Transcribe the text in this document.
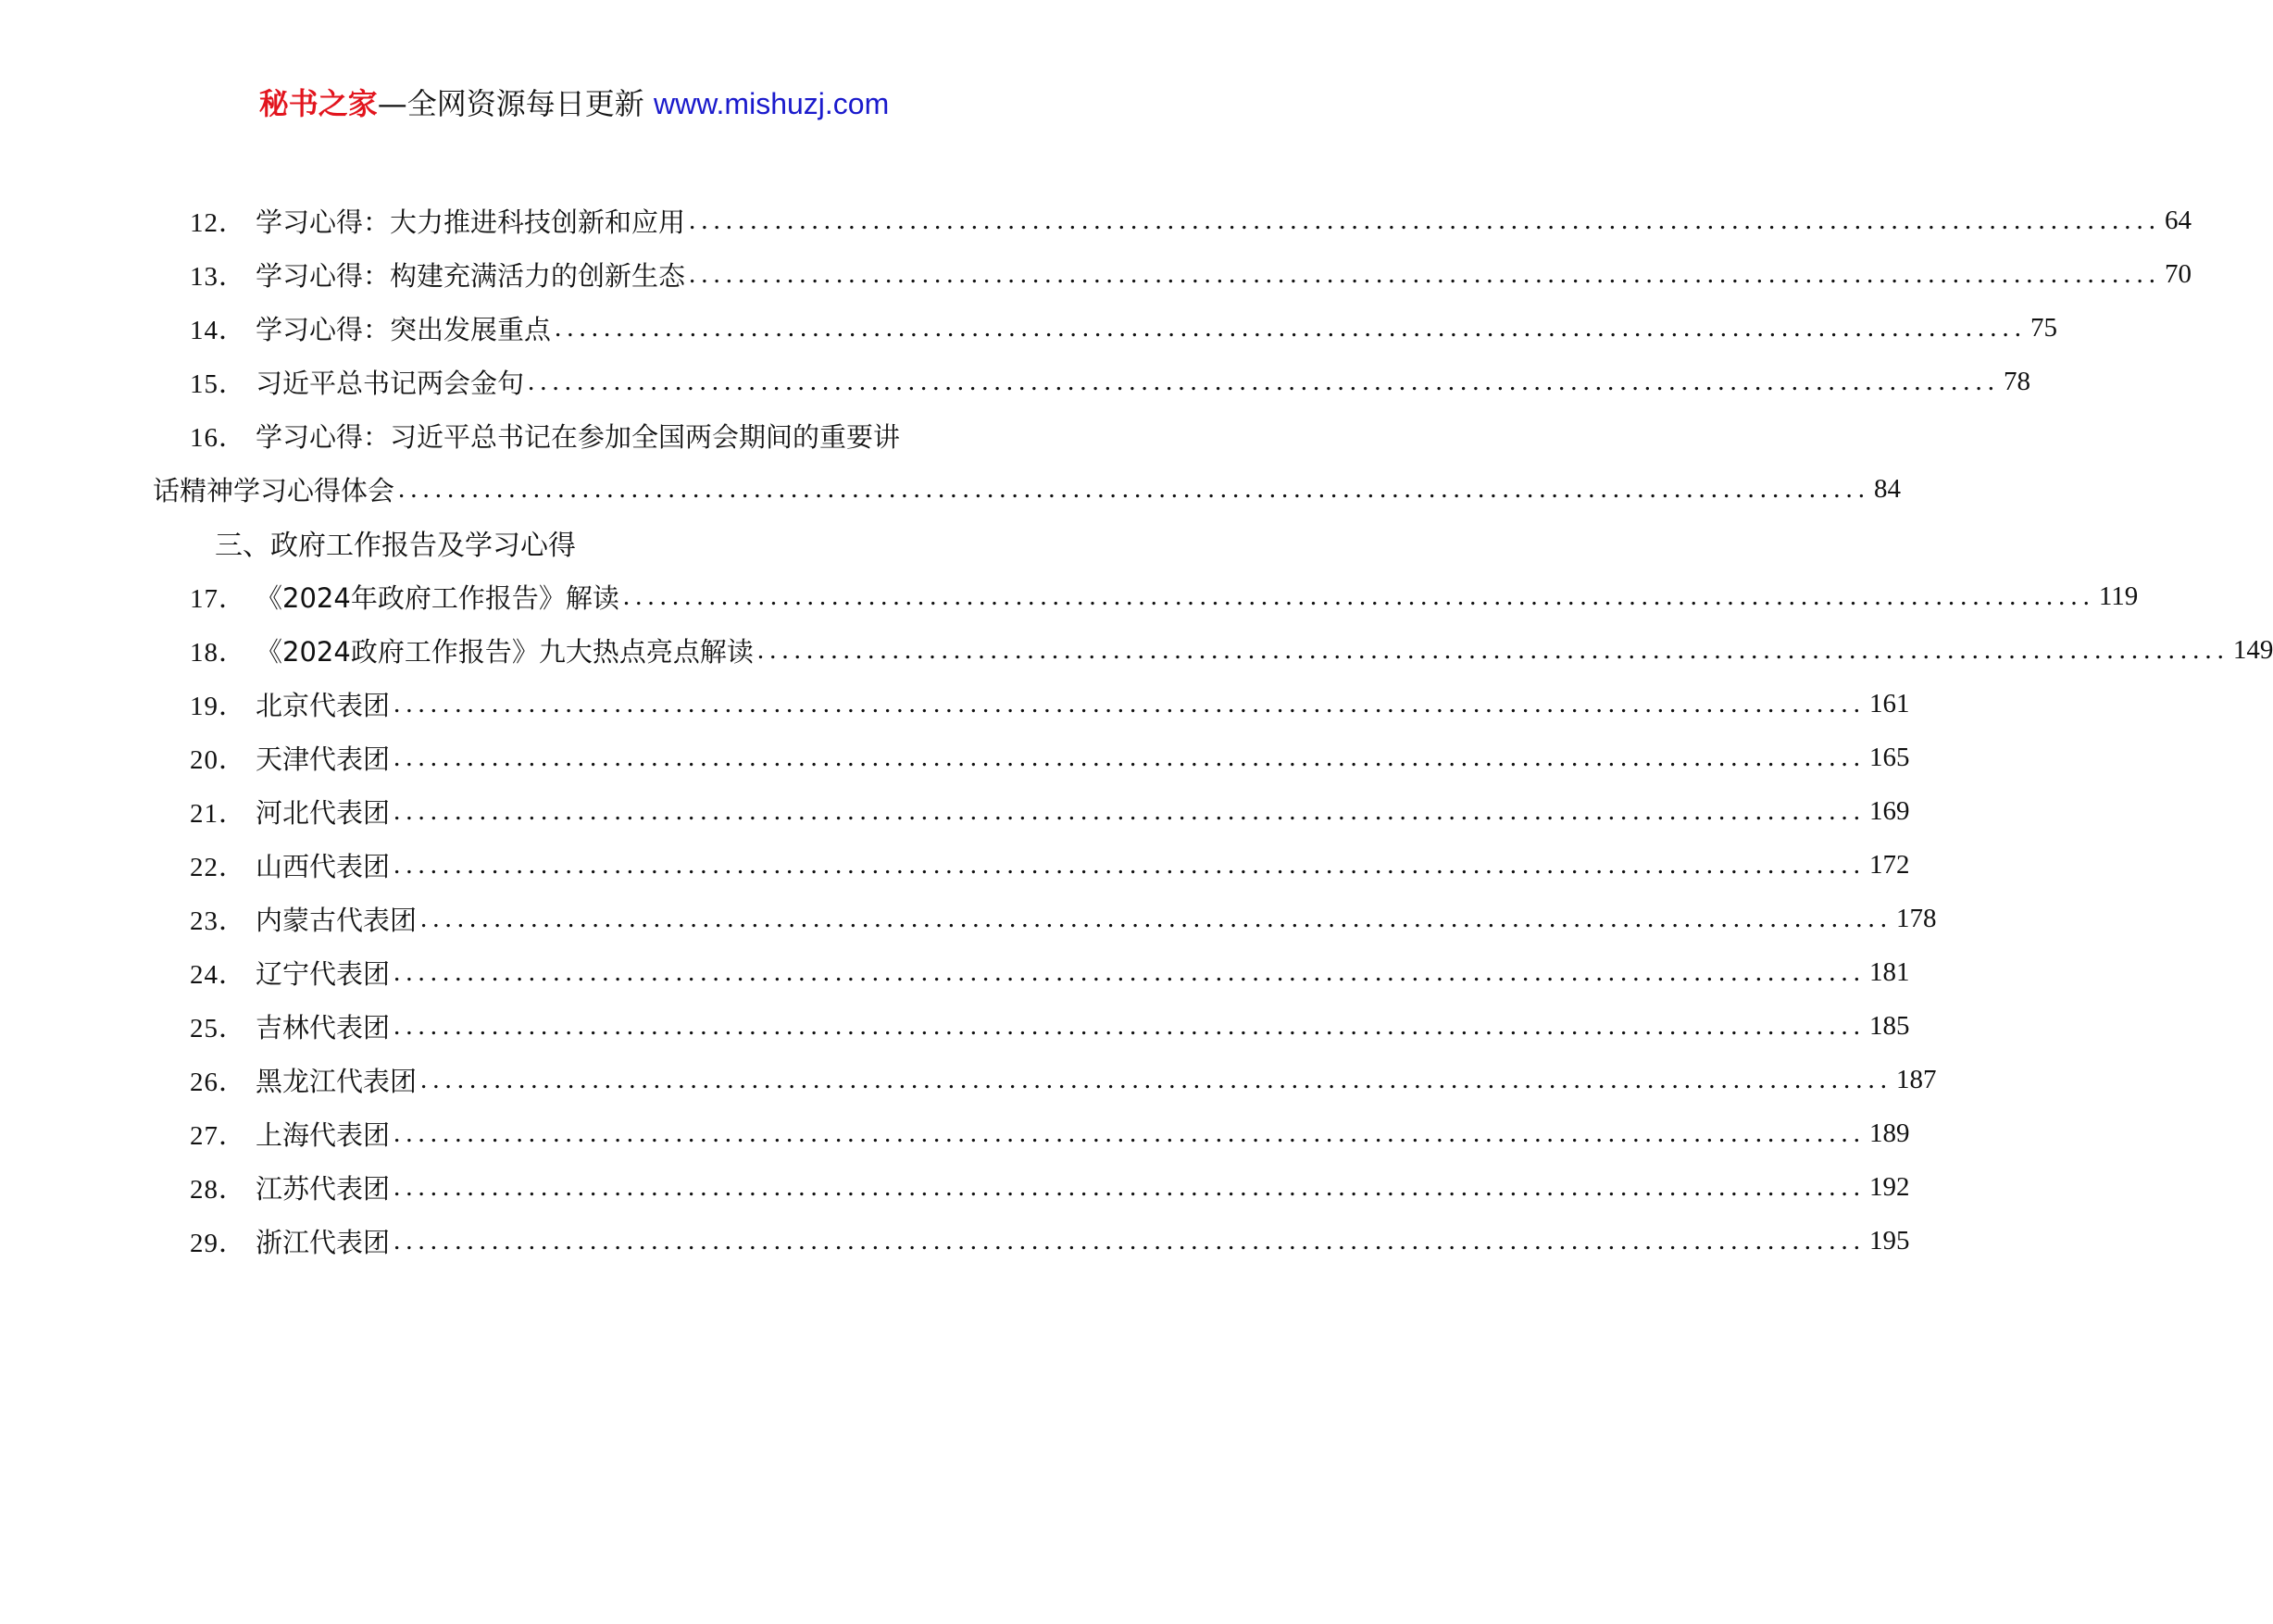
秘书之家—全网资源每日更新 www.mishuzj.com
12． 学习心得：大力推进科技创新和应用 ........................................................................................................................ 64
13． 学习心得：构建充满活力的创新生态 ........................................................................................................................ 70
14． 学习心得：突出发展重点 ........................................................................................................................ 75
15． 习近平总书记两会金句 ........................................................................................................................ 78
16． 学习心得：习近平总书记在参加全国两会期间的重要讲
话精神学习心得体会 ........................................................................................................................ 84
三、政府工作报告及学习心得
17． 《2024年政府工作报告》解读 ........................................................................................................................ 119
18． 《2024政府工作报告》九大热点亮点解读 ........................................................................................................................ 149
19． 北京代表团 ........................................................................................................................ 161
20． 天津代表团 ........................................................................................................................ 165
21． 河北代表团 ........................................................................................................................ 169
22． 山西代表团 ........................................................................................................................ 172
23． 内蒙古代表团 ........................................................................................................................ 178
24． 辽宁代表团 ........................................................................................................................ 181
25． 吉林代表团 ........................................................................................................................ 185
26． 黑龙江代表团 ........................................................................................................................ 187
27． 上海代表团 ........................................................................................................................ 189
28． 江苏代表团 ........................................................................................................................ 192
29． 浙江代表团 ........................................................................................................................ 195
